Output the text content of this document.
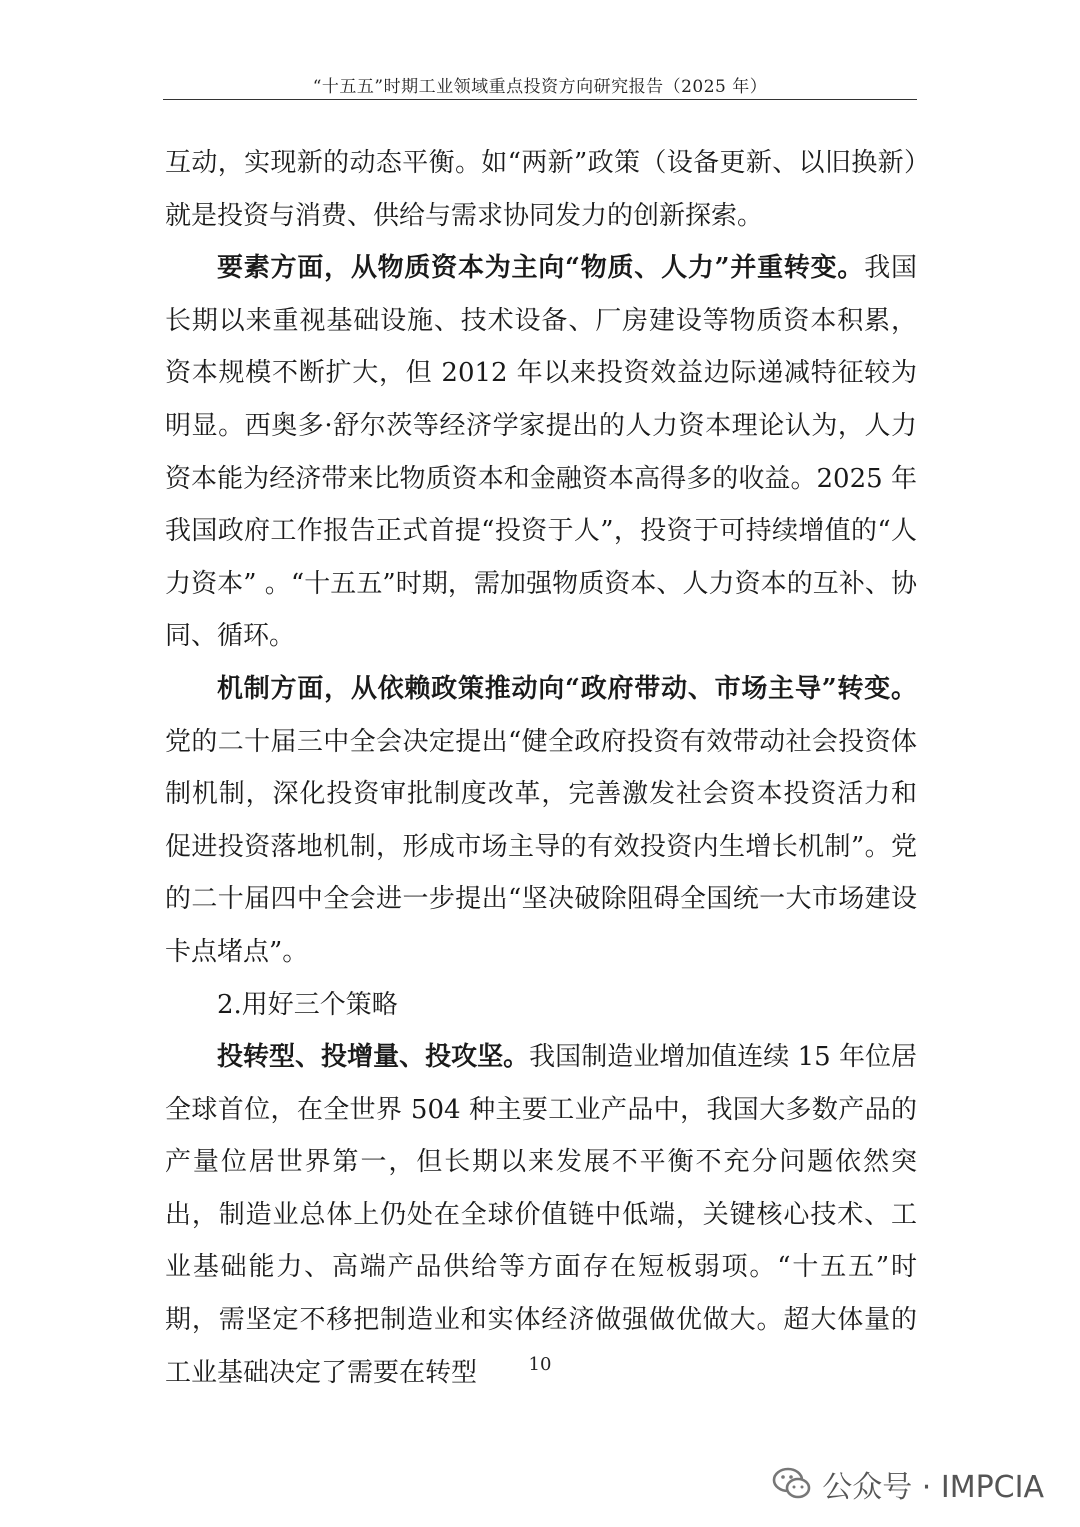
“十五五”时期工业领域重点投资方向研究报告（2025 年）

互动，实现新的动态平衡。如“两新”政策（设备更新、以旧换新）就是投资与消费、供给与需求协同发力的创新探索。

要素方面，从物质资本为主向“物质、人力”并重转变。我国长期以来重视基础设施、技术设备、厂房建设等物质资本积累，资本规模不断扩大，但 2012 年以来投资效益边际递减特征较为明显。西奥多·舒尔茨等经济学家提出的人力资本理论认为，人力资本能为经济带来比物质资本和金融资本高得多的收益。2025 年我国政府工作报告正式首提“投资于人”，投资于可持续增值的“人力资本” 。“十五五”时期，需加强物质资本、人力资本的互补、协同、循环。

机制方面，从依赖政策推动向“政府带动、市场主导”转变。党的二十届三中全会决定提出“健全政府投资有效带动社会投资体制机制，深化投资审批制度改革，完善激发社会资本投资活力和促进投资落地机制，形成市场主导的有效投资内生增长机制”。党的二十届四中全会进一步提出“坚决破除阻碍全国统一大市场建设卡点堵点”。

2.用好三个策略

投转型、投增量、投攻坚。我国制造业增加值连续 15 年位居全球首位，在全世界 504 种主要工业产品中，我国大多数产品的产量位居世界第一，但长期以来发展不平衡不充分问题依然突出，制造业总体上仍处在全球价值链中低端，关键核心技术、工业基础能力、高端产品供给等方面存在短板弱项。“十五五”时期，需坚定不移把制造业和实体经济做强做优做大。超大体量的工业基础决定了需要在转型	10
公众号 · IMPCIA
